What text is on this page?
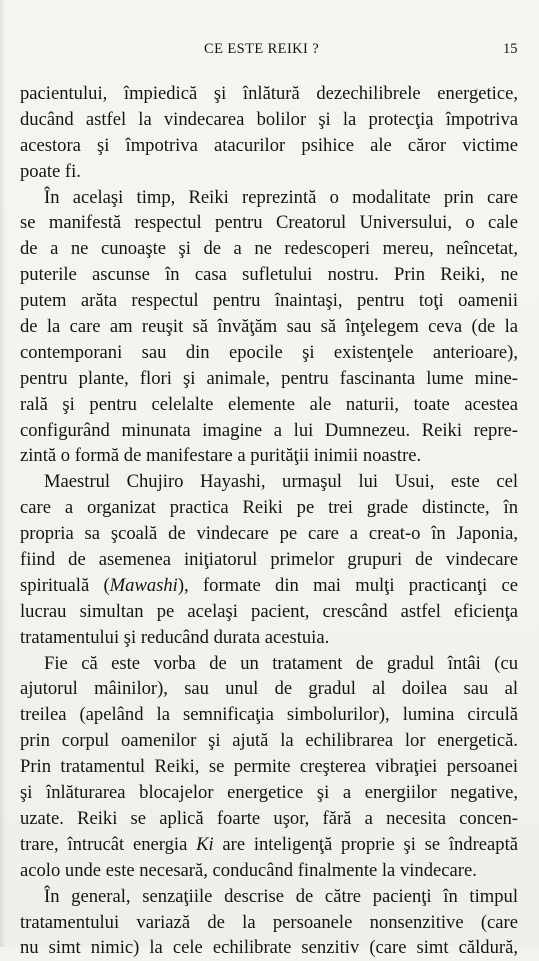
CE ESTE REIKI ?	15
pacientului, împiedică şi înlătură dezechilibrele energetice,
ducând astfel la vindecarea bolilor şi la protecţia împotriva
acestora şi împotriva atacurilor psihice ale căror victime
poate fi.
În acelaşi timp, Reiki reprezintă o modalitate prin care
se manifestă respectul pentru Creatorul Universului, o cale
de a ne cunoaşte şi de a ne redescoperi mereu, neîncetat,
puterile ascunse în casa sufletului nostru. Prin Reiki, ne
putem arăta respectul pentru înaintaşi, pentru toţi oamenii
de la care am reuşit să învăţăm sau să înţelegem ceva (de la
contemporani sau din epocile şi existenţele anterioare),
pentru plante, flori şi animale, pentru fascinanta lume mine-
rală şi pentru celelalte elemente ale naturii, toate acestea
configurând minunata imagine a lui Dumnezeu. Reiki repre-
zintă o formă de manifestare a purităţii inimii noastre.
Maestrul Chujiro Hayashi, urmaşul lui Usui, este cel
care a organizat practica Reiki pe trei grade distincte, în
propria sa şcoală de vindecare pe care a creat-o în Japonia,
fiind de asemenea iniţiatorul primelor grupuri de vindecare
spirituală (Mawashi), formate din mai mulţi practicanţi ce
lucrau simultan pe acelaşi pacient, crescând astfel eficienţa
tratamentului şi reducând durata acestuia.
Fie că este vorba de un tratament de gradul întâi (cu
ajutorul mâinilor), sau unul de gradul al doilea sau al
treilea (apelând la semnificaţia simbolurilor), lumina circulă
prin corpul oamenilor şi ajută la echilibrarea lor energetică.
Prin tratamentul Reiki, se permite creşterea vibraţiei persoanei
şi înlăturarea blocajelor energetice şi a energiilor negative,
uzate. Reiki se aplică foarte uşor, fără a necesita concen-
trare, întrucât energia Ki are inteligenţă proprie şi se îndreaptă
acolo unde este necesară, conducând finalmente la vindecare.
În general, senzaţiile descrise de către pacienţi în timpul
tratamentului variază de la persoanele nonsenzitive (care
nu simt nimic) la cele echilibrate senzitiv (care simt căldură,
